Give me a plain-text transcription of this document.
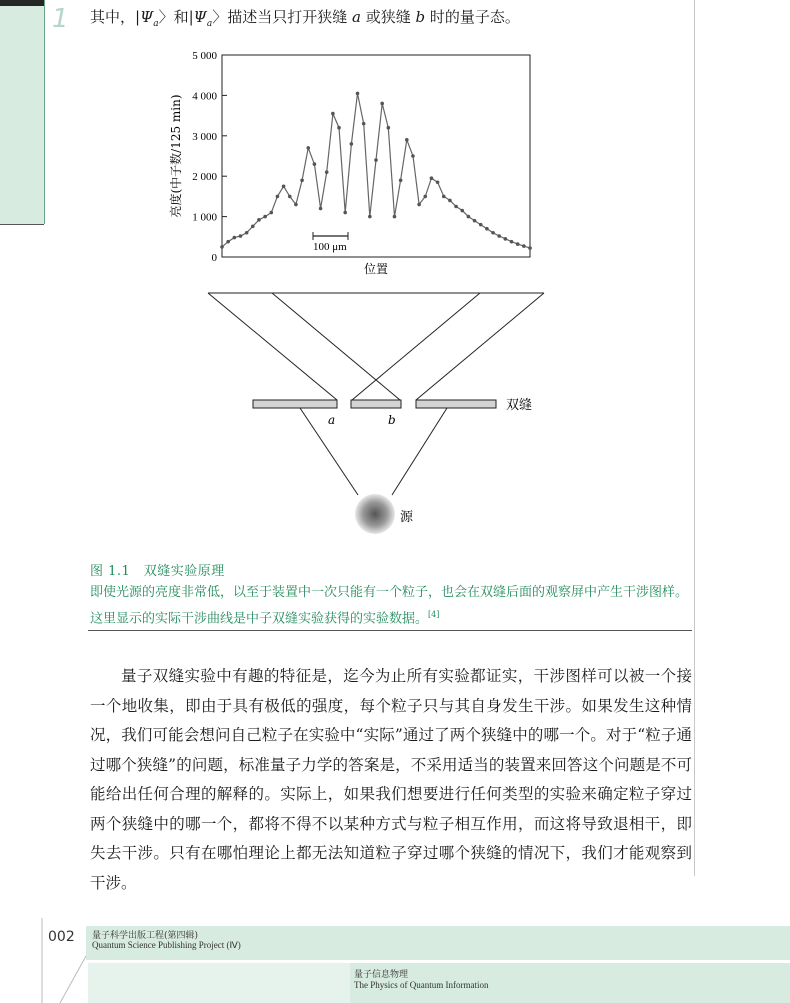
1 其中，$|\Psi_a$〉和$|\Psi_a$〉描述当只打开狭缝 a 或狭缝 b 时的量子态。
0
1 000
2 000
3 000
4 000
5 000
100 μm
位置
亮度(中子数/125 min)
双缝
a	b
源
图 1.1　双缝实验原理
即使光源的亮度非常低，以至于装置中一次只能有一个粒子，也会在双缝后面的观察屏中产生干涉图样。这里显示的实际干涉曲线是中子双缝实验获得的实验数据。[4]
量子双缝实验中有趣的特征是，迄今为止所有实验都证实，干涉图样可以被一个接一个地收集，即由于具有极低的强度，每个粒子只与其自身发生干涉。如果发生这种情况，我们可能会想问自己粒子在实验中“实际”通过了两个狭缝中的哪一个。对于“粒子通过哪个狭缝”的问题，标准量子力学的答案是，不采用适当的装置来回答这个问题是不可能给出任何合理的解释的。实际上，如果我们想要进行任何类型的实验来确定粒子穿过两个狭缝中的哪一个，都将不得不以某种方式与粒子相互作用，而这将导致退相干，即失去干涉。只有在哪怕理论上都无法知道粒子穿过哪个狭缝的情况下，我们才能观察到干涉。
002 量子科学出版工程(第四辑)
Quantum Science Publishing Project (Ⅳ)
量子信息物理
The Physics of Quantum Information
